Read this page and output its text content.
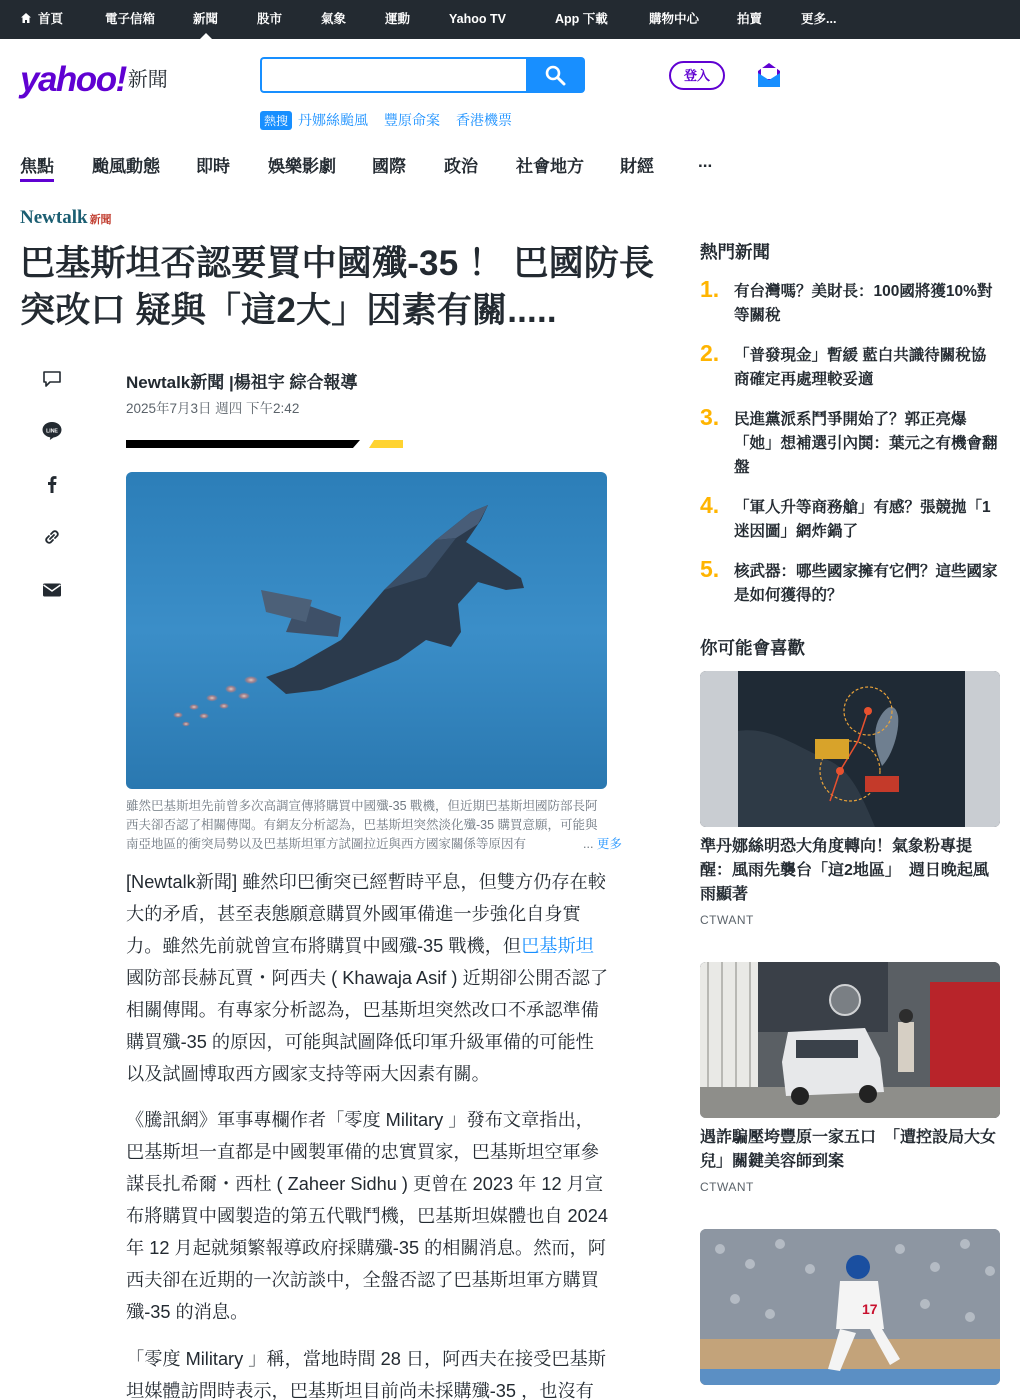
首頁	電子信箱	新聞	股市	氣象	運動	Yahoo TV	App 下載	購物中心	拍賣	更多...
yahoo! 新聞
熱搜 丹娜絲颱風 豐原命案 香港機票
登入
焦點 颱風動態 即時 娛樂影劇 國際 政治 社會地方 財經	...
Newtalk 新聞
巴基斯坦否認要買中國殲-35 ！ 巴國防長突改口 疑與「這2大」因素有關.....
LINE
Newtalk新聞 |楊祖宇 綜合報導
2025年7月3日 週四 下午2:42
雖然巴基斯坦先前曾多次高調宣傳將購買中國殲-35 戰機，但近期巴基斯坦國防部長阿西夫卻否認了相關傳聞。有網友分析認為，巴基斯坦突然淡化殲-35 購買意願，可能與南亞地區的衝突局勢以及巴基斯坦軍方試圖拉近與西方國家關係等原因有	... 更多

[Newtalk新聞] 雖然印巴衝突已經暫時平息，但雙方仍存在較大的矛盾，甚至表態願意購買外國軍備進一步強化自身實力。雖然先前就曾宣布將購買中國殲-35 戰機，但巴基斯坦國防部長赫瓦賈・阿西夫 ( Khawaja Asif ) 近期卻公開否認了相關傳聞。有專家分析認為，巴基斯坦突然改口不承認準備購買殲-35 的原因，可能與試圖降低印軍升級軍備的可能性以及試圖博取西方國家支持等兩大因素有關。

《騰訊網》軍事專欄作者「零度 Military 」發布文章指出，巴基斯坦一直都是中國製軍備的忠實買家，巴基斯坦空軍參謀長扎希爾・西杜 ( Zaheer Sidhu ) 更曾在 2023 年 12 月宣布將購買中國製造的第五代戰鬥機，巴基斯坦媒體也自 2024 年 12 月起就頻繁報導政府採購殲-35 的相關消息。然而，阿西夫卻在近期的一次訪談中，全盤否認了巴基斯坦軍方購買殲-35 的消息。

「零度 Military 」稱，當地時間 28 日，阿西夫在接受巴基斯坦媒體訪問時表示，巴基斯坦目前尚未採購殲-35 ，也沒有

熱門新聞
1. 有台灣嗎？美財長：100國將獲10%對等關稅
2. 「普發現金」暫緩 藍白共識待關稅協商確定再處理較妥適
3. 民進黨派系鬥爭開始了？郭正亮爆「她」想補選引內鬨：葉元之有機會翻盤
4. 「軍人升等商務艙」有感？張競拋「1迷因圖」網炸鍋了
5. 核武器：哪些國家擁有它們？這些國家是如何獲得的？
你可能會喜歡
準丹娜絲明恐大角度轉向！氣象粉專提醒：風雨先襲台「這2地區」　週日晚起風雨顯著
CTWANT
遇詐騙壓垮豐原一家五口　「遭控設局大女兒」關鍵美容師到案
CTWANT
17
